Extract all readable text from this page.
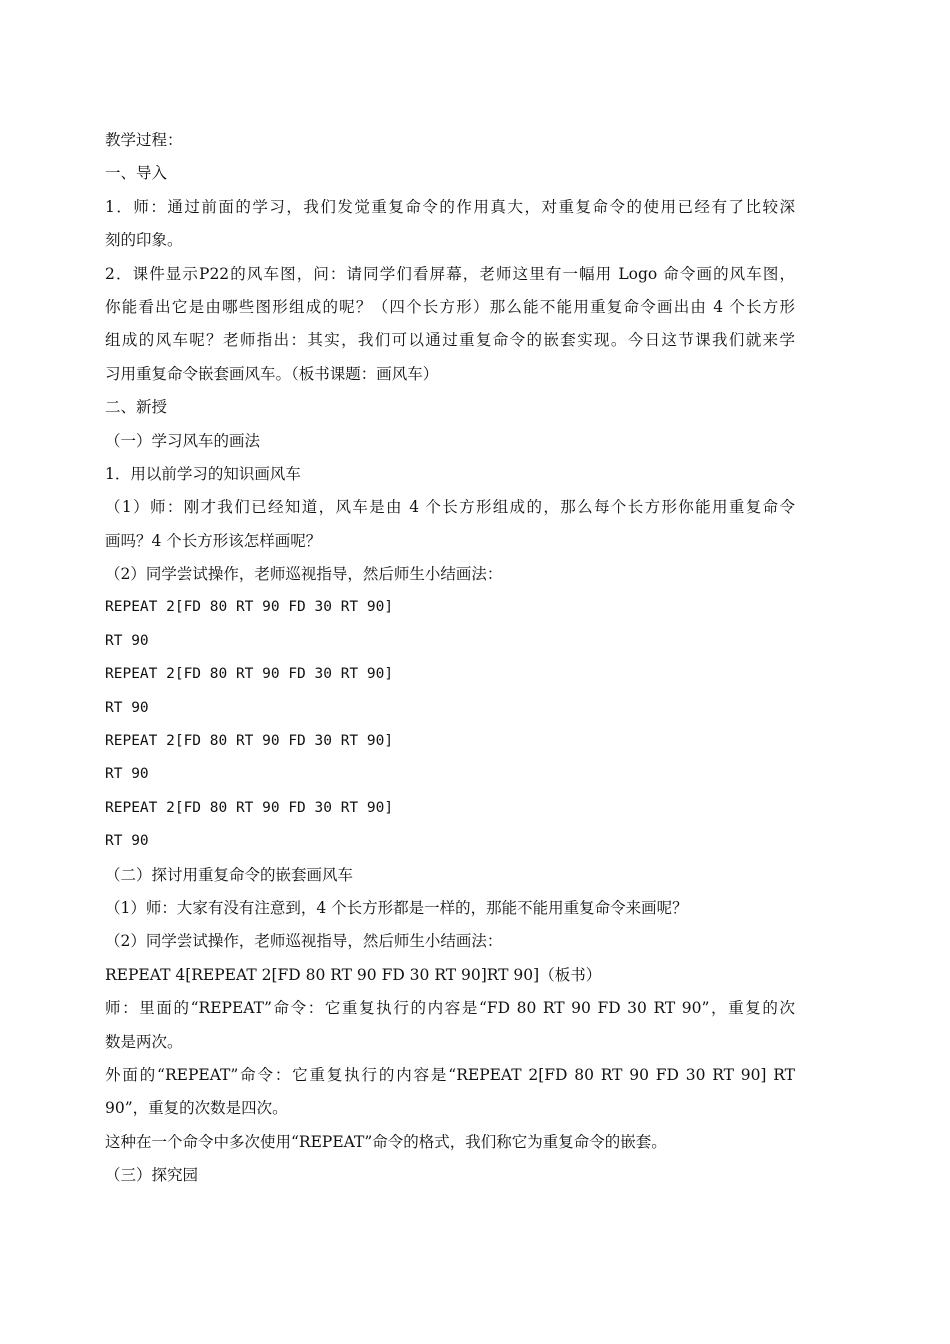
教学过程：
一、导入
1．师：通过前面的学习，我们发觉重复命令的作用真大，对重复命令的使用已经有了比较深
刻的印象。
2．课件显示P22的风车图，问：请同学们看屏幕，老师这里有一幅用 Logo 命令画的风车图，
你能看出它是由哪些图形组成的呢？（四个长方形）那么能不能用重复命令画出由 4 个长方形
组成的风车呢？老师指出：其实，我们可以通过重复命令的嵌套实现。今日这节课我们就来学
习用重复命令嵌套画风车。（板书课题：画风车）
二、新授
（一）学习风车的画法
1．用以前学习的知识画风车
（1）师：刚才我们已经知道，风车是由 4 个长方形组成的，那么每个长方形你能用重复命令
画吗？4 个长方形该怎样画呢？
（2）同学尝试操作，老师巡视指导，然后师生小结画法：
REPEAT 2[FD 80 RT 90 FD 30 RT 90]
RT 90
REPEAT 2[FD 80 RT 90 FD 30 RT 90]
RT 90
REPEAT 2[FD 80 RT 90 FD 30 RT 90]
RT 90
REPEAT 2[FD 80 RT 90 FD 30 RT 90]
RT 90
（二）探讨用重复命令的嵌套画风车
（1）师：大家有没有注意到，4 个长方形都是一样的，那能不能用重复命令来画呢？
（2）同学尝试操作，老师巡视指导，然后师生小结画法：
REPEAT 4[REPEAT 2[FD 80 RT 90 FD 30 RT 90]RT 90]（板书）
师：里面的“REPEAT”命令：它重复执行的内容是“FD 80 RT 90 FD 30 RT 90”，重复的次
数是两次。
外面的“REPEAT”命令：它重复执行的内容是“REPEAT 2[FD 80 RT 90 FD 30 RT 90] RT
90”，重复的次数是四次。
这种在一个命令中多次使用“REPEAT”命令的格式，我们称它为重复命令的嵌套。
（三）探究园
